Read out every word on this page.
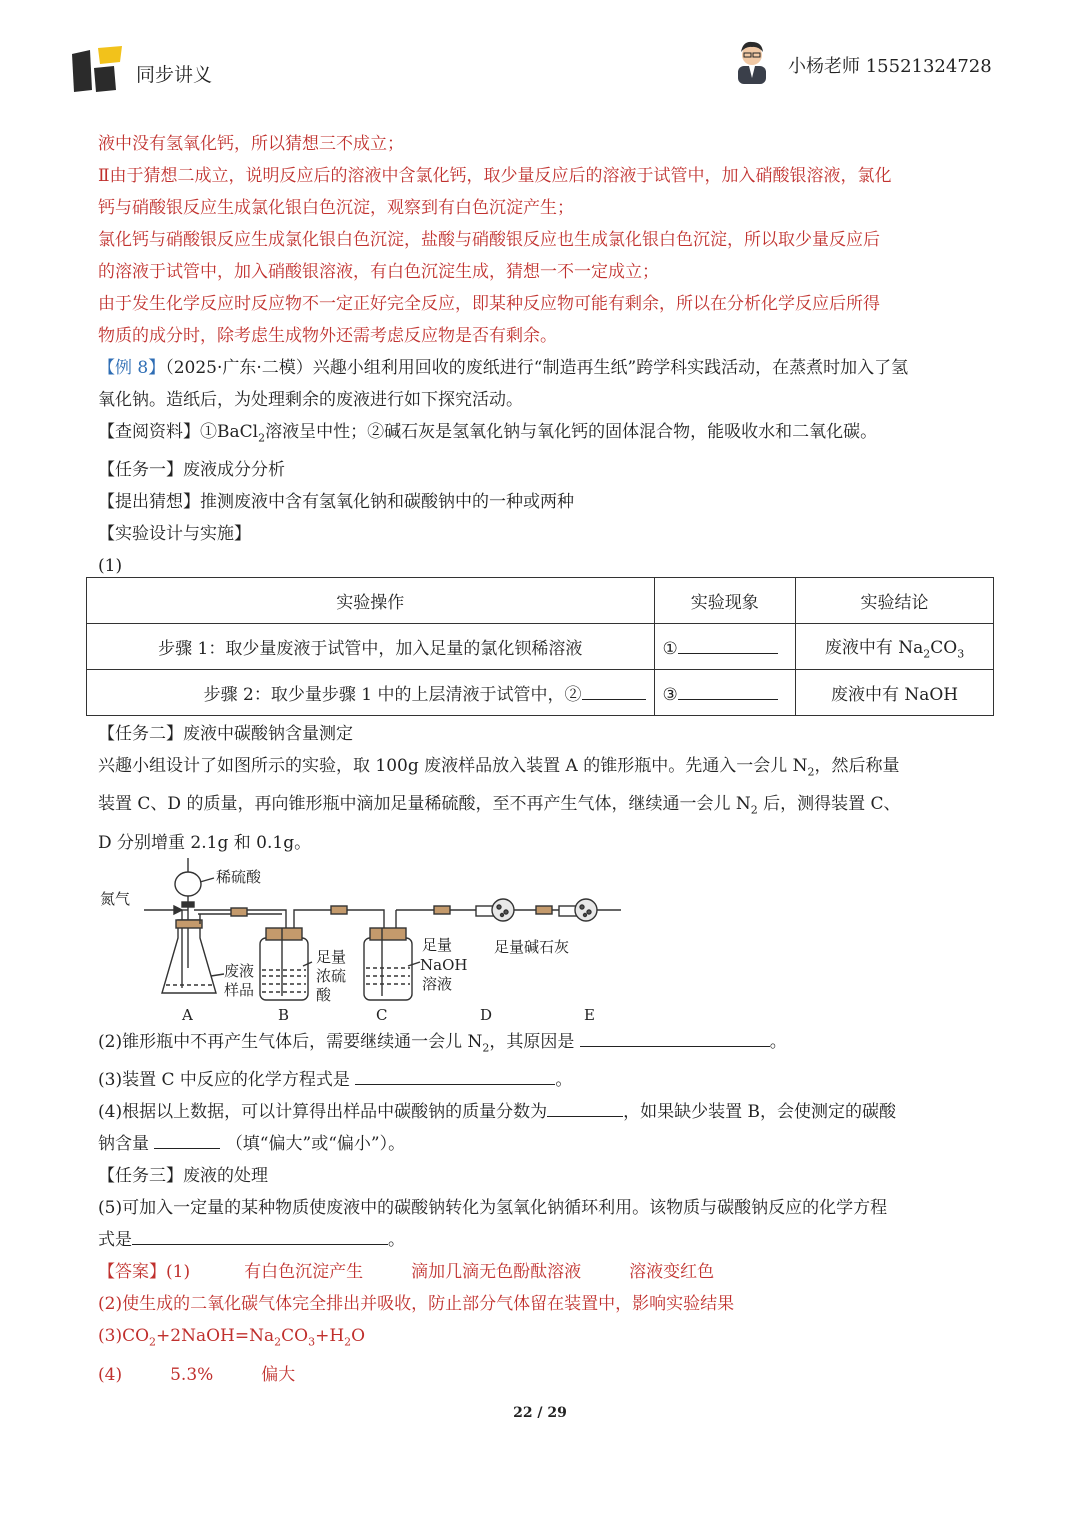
同步讲义	小杨老师 15521324728
液中没有氢氧化钙，所以猜想三不成立；
Ⅱ由于猜想二成立，说明反应后的溶液中含氯化钙，取少量反应后的溶液于试管中，加入硝酸银溶液，氯化
钙与硝酸银反应生成氯化银白色沉淀，观察到有白色沉淀产生；
氯化钙与硝酸银反应生成氯化银白色沉淀，盐酸与硝酸银反应也生成氯化银白色沉淀，所以取少量反应后
的溶液于试管中，加入硝酸银溶液，有白色沉淀生成，猜想一不一定成立；
由于发生化学反应时反应物不一定正好完全反应，即某种反应物可能有剩余，所以在分析化学反应后所得
物质的成分时，除考虑生成物外还需考虑反应物是否有剩余。
【例 8】（2025·广东·二模）兴趣小组利用回收的废纸进行“制造再生纸”跨学科实践活动，在蒸煮时加入了氢
氧化钠。造纸后，为处理剩余的废液进行如下探究活动。
【查阅资料】①BaCl$_2$溶液呈中性；②碱石灰是氢氧化钠与氧化钙的固体混合物，能吸收水和二氧化碳。
【任务一】废液成分分析
【提出猜想】推测废液中含有氢氧化钠和碳酸钠中的一种或两种
【实验设计与实施】
(1)
实验操作	实验现象	实验结论
步骤 1：取少量废液于试管中，加入足量的氯化钡稀溶液	①	废液中有 $Na_2CO_3$
步骤 2：取少量步骤 1 中的上层清液于试管中，②	③	废液中有 NaOH
【任务二】废液中碳酸钠含量测定
兴趣小组设计了如图所示的实验，取 100g 废液样品放入装置 A 的锥形瓶中。先通入一会儿 $N_2$，然后称量
装置 C、D 的质量，再向锥形瓶中滴加足量稀硫酸，至不再产生气体，继续通一会儿 $N_2$ 后，测得装置 C、
D 分别增重 2.1g 和 0.1g。
氮气
稀硫酸
废液
样品
足量
浓硫
酸
足量
NaOH
溶液
足量碱石灰
A	B	C	D	E
(2)锥形瓶中不再产生气体后，需要继续通一会儿 $N_2$，其原因是	。
(3)装置 C 中反应的化学方程式是	。
(4)根据以上数据，可以计算得出样品中碳酸钠的质量分数为	，如果缺少装置 B，会使测定的碳酸
钠含量	（填“偏大”或“偏小”）。
【任务三】废液的处理
(5)可加入一定量的某种物质使废液中的碳酸钠转化为氢氧化钠循环利用。该物质与碳酸钠反应的化学方程
式是	。
【答案】(1)	有白色沉淀产生	滴加几滴无色酚酞溶液	溶液变红色
(2)使生成的二氧化碳气体完全排出并吸收，防止部分气体留在装置中，影响实验结果
$(3)CO_2+2NaOH=Na_2CO_3+H_2O$
(4)	5.3%	偏大
22 / 29
